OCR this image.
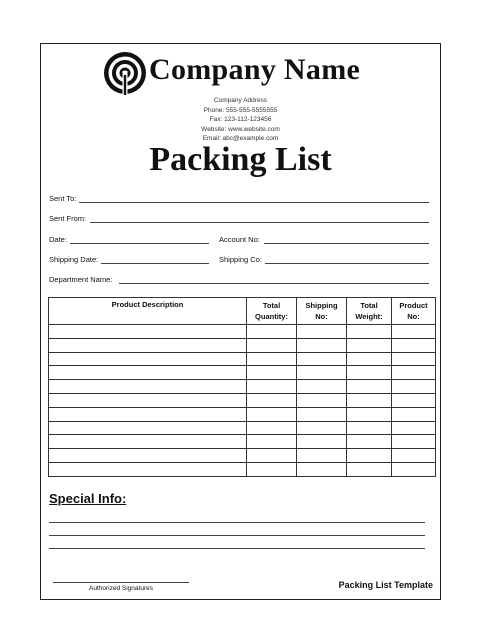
Company Name
Company Address
Phone: 555-555-5555555
Fax: 123-112-123456
Website: www.website.com
Email: abc@example.com
Packing List
Sent To:
Sent From:
Date:	Account No:
Shipping Date:	Shipping Co:
Department Name:
Product Description	Total Quantity:	Shipping No:	Total Weight:	Product No:

Special Info:
Authorized Signatures	Packing List Template
